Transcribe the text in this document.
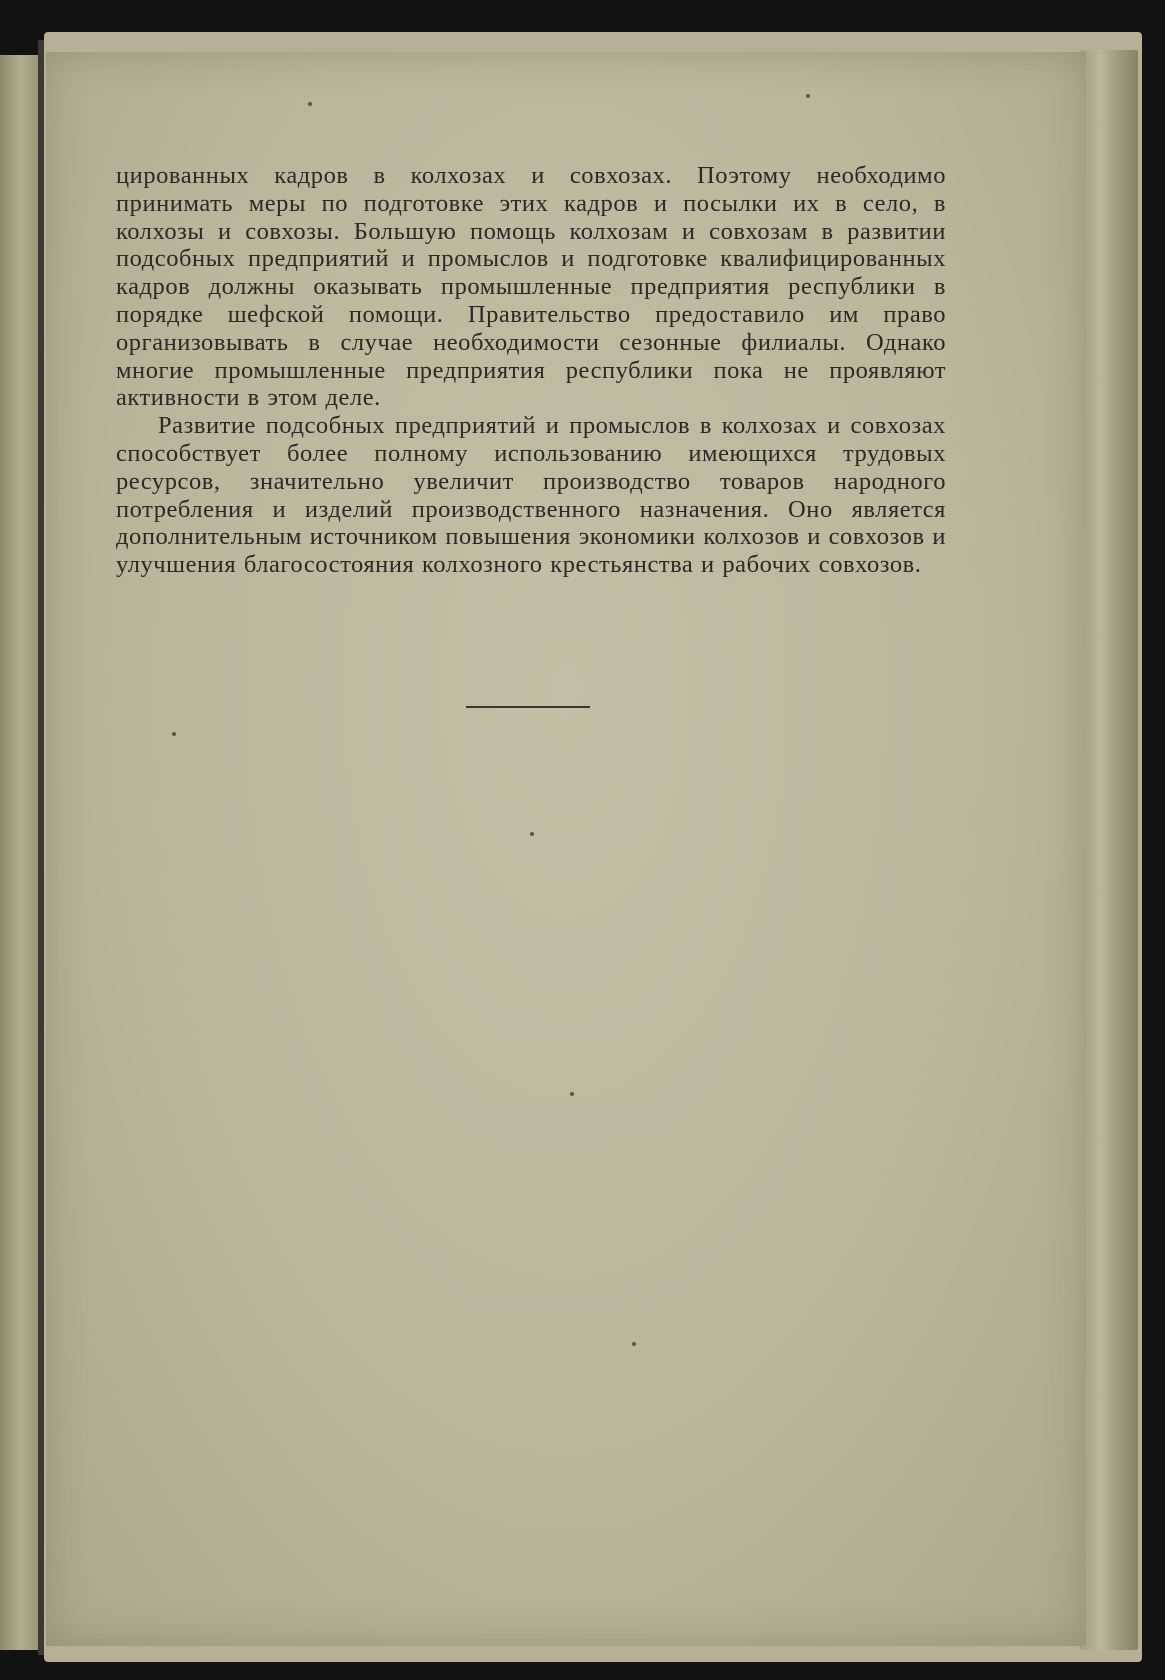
цированных кадров в колхозах и совхозах. Поэтому необходимо принимать меры по подготовке этих кадров и посылки их в село, в колхозы и совхозы. Большую помощь колхозам и совхозам в развитии подсобных предприятий и промыслов и подготовке квалифицированных кадров должны оказывать промышленные предприятия республики в порядке шефской помощи. Правительство предоставило им право организовывать в случае необходимости сезонные филиалы. Однако многие промышленные предприятия республики пока не проявляют активности в этом деле.

Развитие подсобных предприятий и промыслов в колхозах и совхозах способствует более полному использованию имеющихся трудовых ресурсов, значительно увеличит производство товаров народного потребления и изделий производственного назначения. Оно является дополнительным источником повышения экономики колхозов и совхозов и улучшения благосостояния колхозного крестьянства и рабочих совхозов.
